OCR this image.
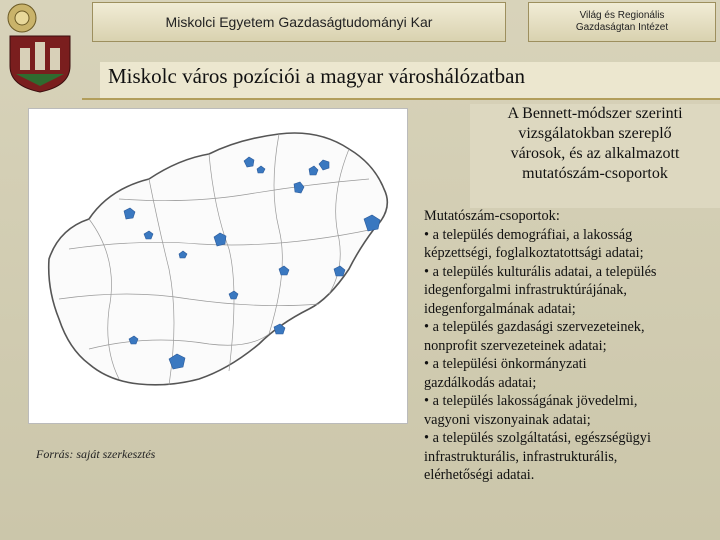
Miskolci Egyetem Gazdaságtudományi Kar	Világ és Regionális
Gazdaságtan Intézet
Miskolc város pozíciói a magyar városhálózatban
Forrás: saját szerkesztés
A Bennett-módszer szerinti
vizsgálatokban szereplő
városok, és az alkalmazott
mutatószám-csoportok
Mutatószám-csoportok:
• a település demográfiai, a lakosság
képzettségi, foglalkoztatottsági adatai;
• a település kulturális adatai, a település
idegenforgalmi infrastruktúrájának,
idegenforgalmának adatai;
• a település gazdasági szervezeteinek,
nonprofit szervezeteinek adatai;
• a települési önkormányzati
gazdálkodás adatai;
• a település lakosságának jövedelmi,
vagyoni viszonyainak adatai;
• a település szolgáltatási, egészségügyi
infrastrukturális, infrastrukturális,
elérhetőségi adatai.
